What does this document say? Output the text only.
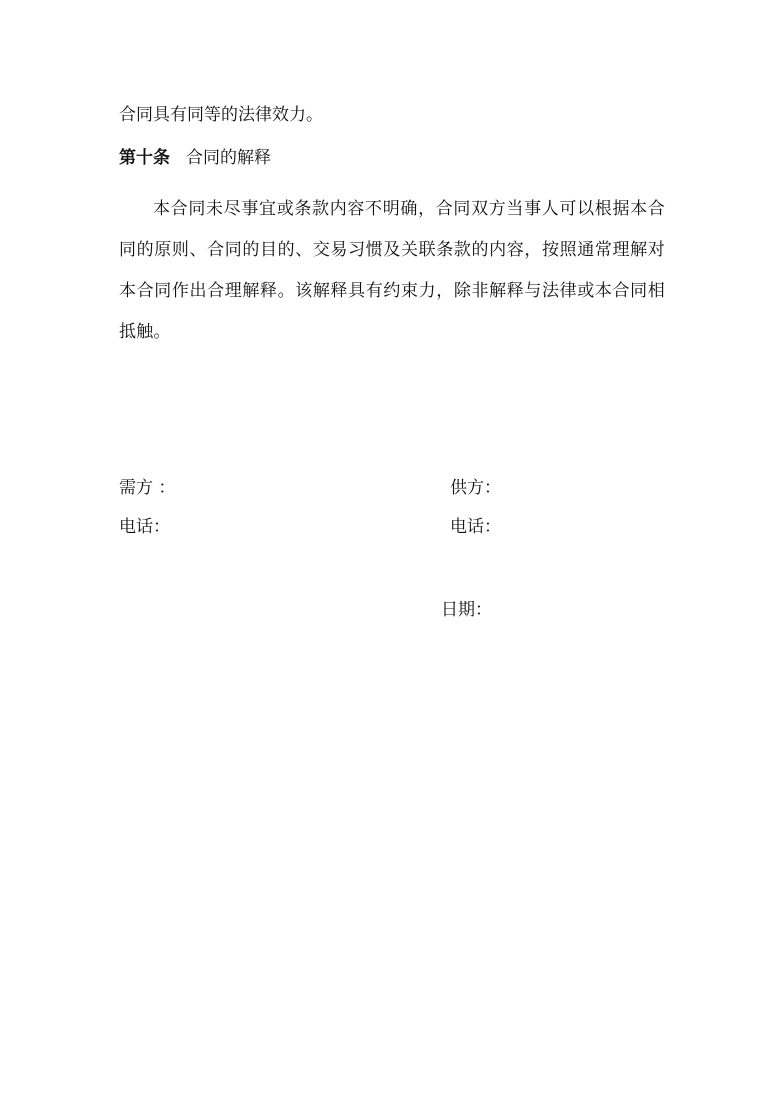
合同具有同等的法律效力。
第十条 合同的解释
本合同未尽事宜或条款内容不明确，合同双方当事人可以根据本合同的原则、合同的目的、交易习惯及关联条款的内容，按照通常理解对本合同作出合理解释。该解释具有约束力，除非解释与法律或本合同相抵触。
需方 ：
电话：
供方：
电话：
日期：
